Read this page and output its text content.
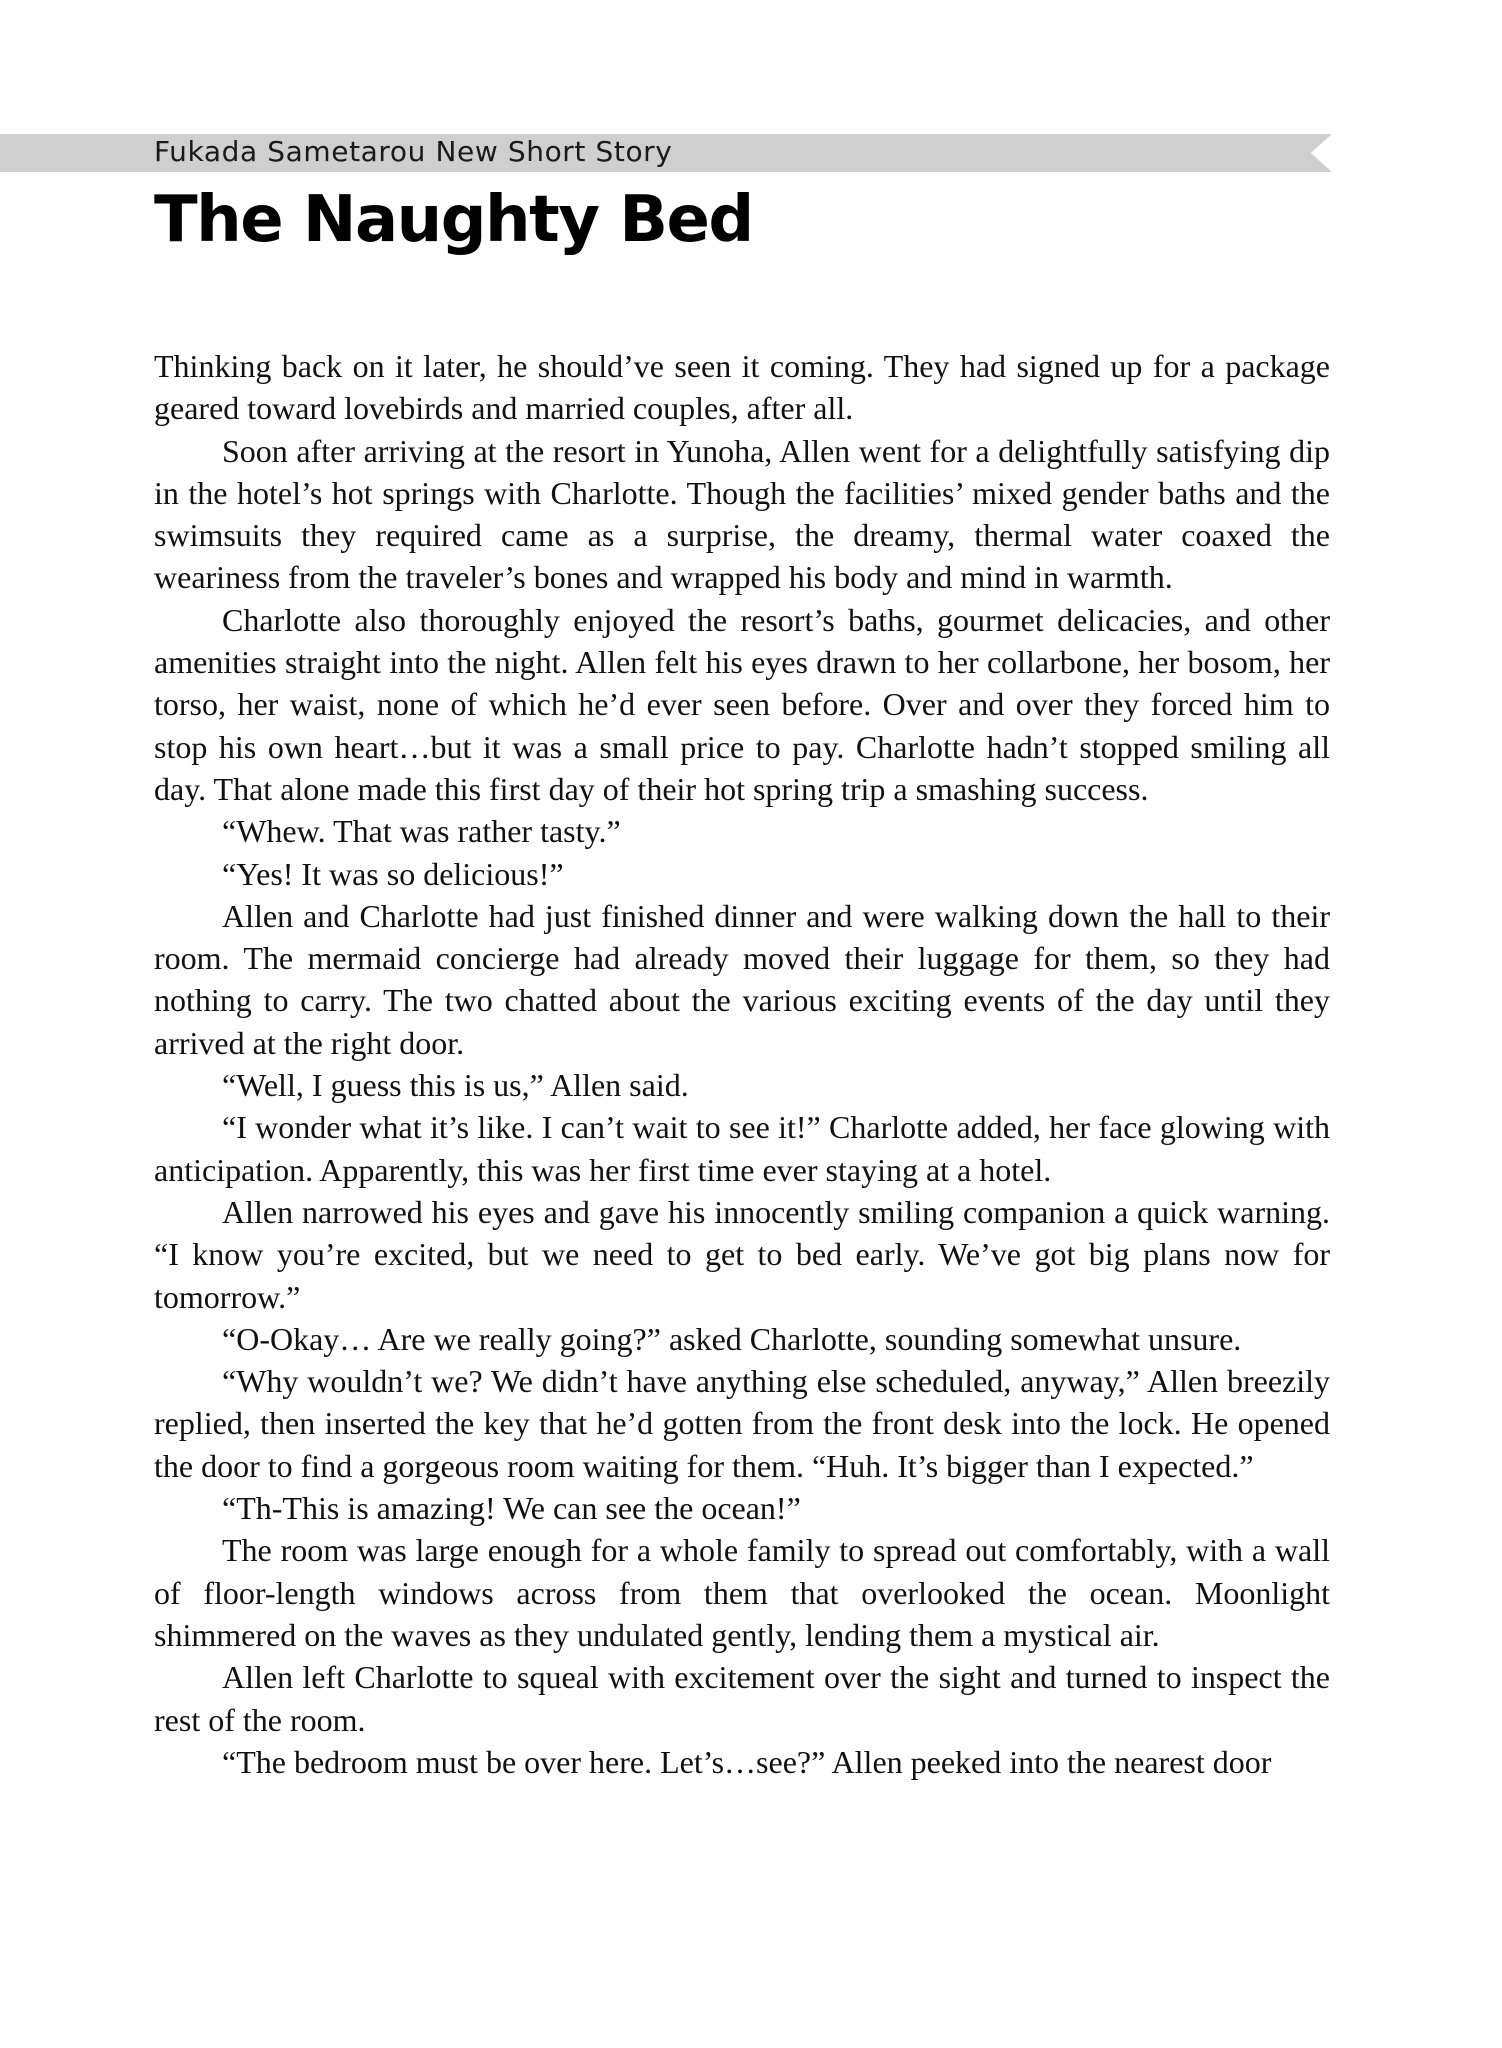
Fukada Sametarou New Short Story
The Naughty Bed

Thinking back on it later, he should’ve seen it coming. They had signed up for a package geared toward lovebirds and married couples, after all.

Soon after arriving at the resort in Yunoha, Allen went for a delightfully satisfying dip in the hotel’s hot springs with Charlotte. Though the facilities’ mixed gender baths and the swimsuits they required came as a surprise, the dreamy, thermal water coaxed the weariness from the traveler’s bones and wrapped his body and mind in warmth.

Charlotte also thoroughly enjoyed the resort’s baths, gourmet delicacies, and other amenities straight into the night. Allen felt his eyes drawn to her collarbone, her bosom, her torso, her waist, none of which he’d ever seen before. Over and over they forced him to stop his own heart…but it was a small price to pay. Charlotte hadn’t stopped smiling all day. That alone made this first day of their hot spring trip a smashing success.

“Whew. That was rather tasty.”

“Yes! It was so delicious!”

Allen and Charlotte had just finished dinner and were walking down the hall to their room. The mermaid concierge had already moved their luggage for them, so they had nothing to carry. The two chatted about the various exciting events of the day until they arrived at the right door.

“Well, I guess this is us,” Allen said.

“I wonder what it’s like. I can’t wait to see it!” Charlotte added, her face glowing with anticipation. Apparently, this was her first time ever staying at a hotel.

Allen narrowed his eyes and gave his innocently smiling companion a quick warning. “I know you’re excited, but we need to get to bed early. We’ve got big plans now for tomorrow.”

“O-Okay… Are we really going?” asked Charlotte, sounding somewhat unsure.

“Why wouldn’t we? We didn’t have anything else scheduled, anyway,” Allen breezily replied, then inserted the key that he’d gotten from the front desk into the lock. He opened the door to find a gorgeous room waiting for them. “Huh. It’s bigger than I expected.”

“Th-This is amazing! We can see the ocean!”

The room was large enough for a whole family to spread out comfortably, with a wall of floor-length windows across from them that overlooked the ocean. Moonlight shimmered on the waves as they undulated gently, lending them a mystical air.

Allen left Charlotte to squeal with excitement over the sight and turned to inspect the rest of the room.

“The bedroom must be over here. Let’s…see?” Allen peeked into the nearest door
